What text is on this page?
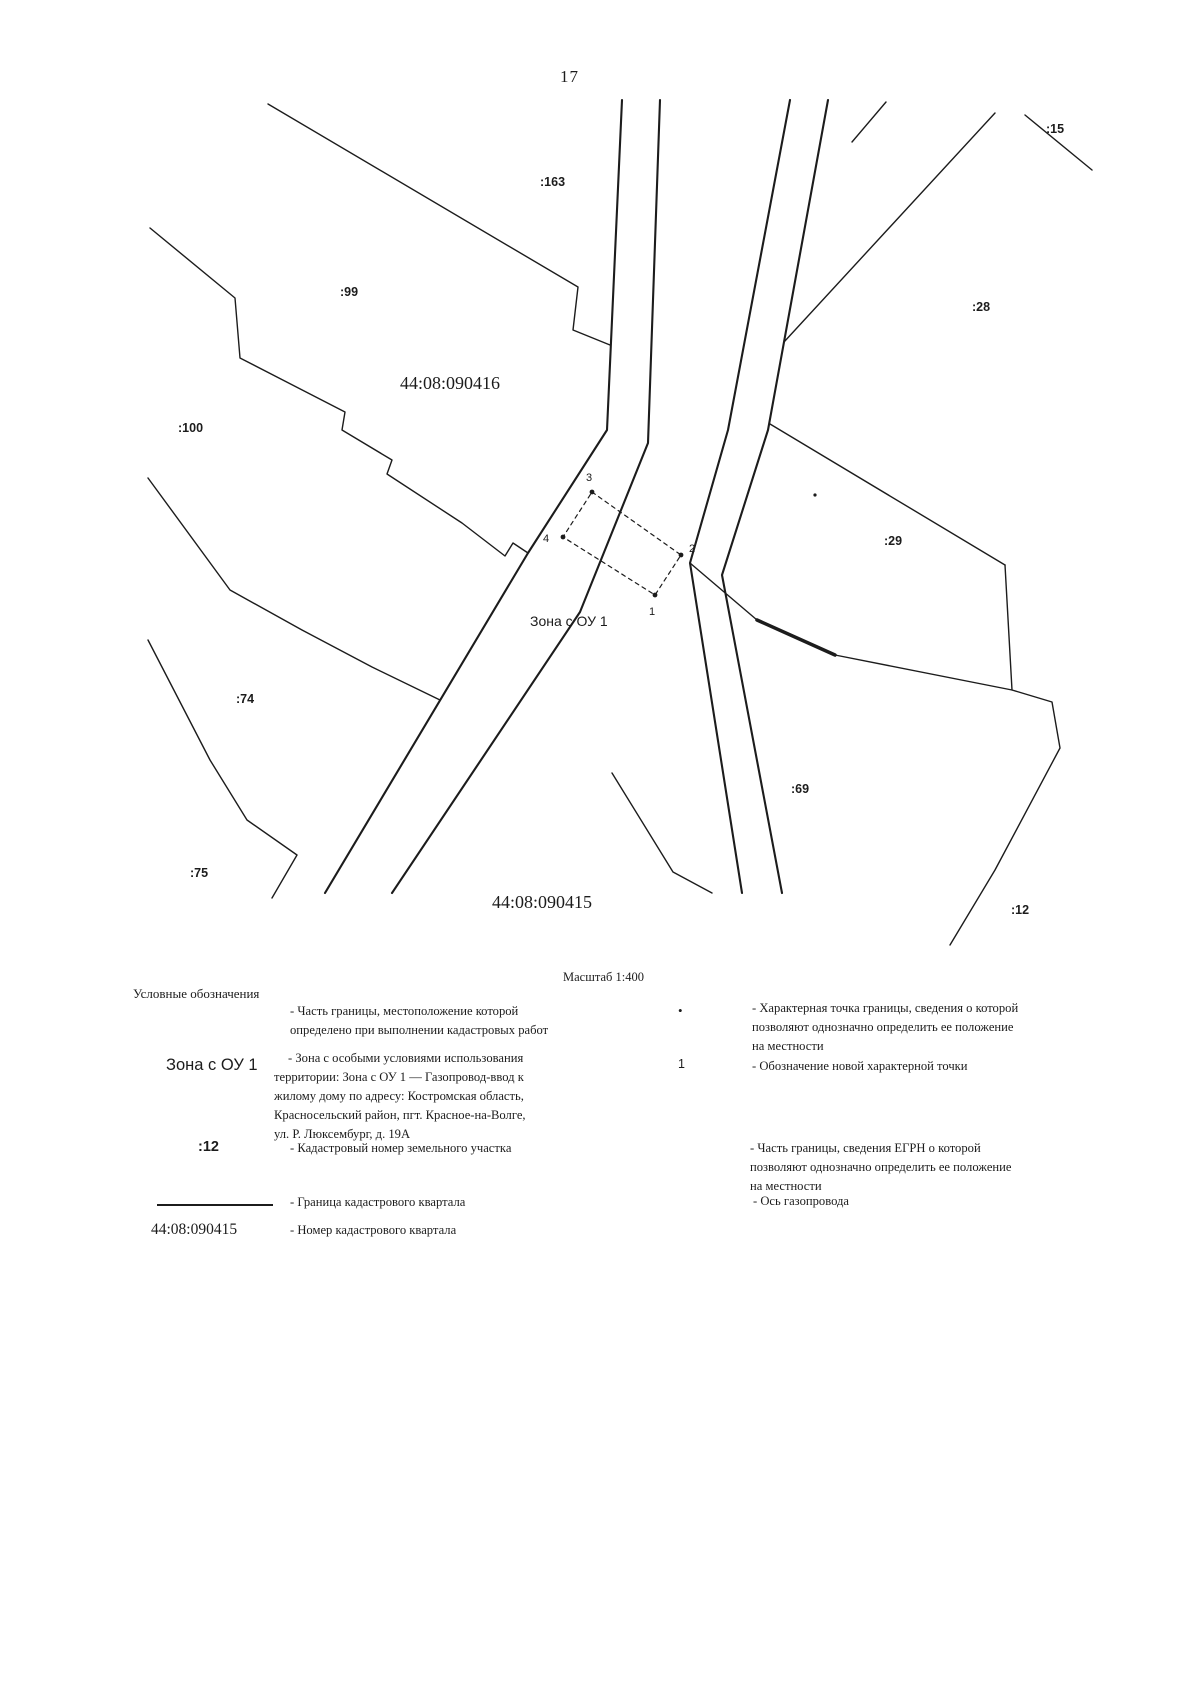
17
44:08:090416
44:08:090415
:163
:99
:100
:15
:28
:29
:74
:75
:69
:12
Зона с ОУ 1
3
4
2
1
Масштаб 1:400
Условные обозначения
- Часть границы, местоположение которой
определено при выполнении кадастровых работ
Зона с ОУ 1	- Зона с особыми условиями использования
территории: Зона с ОУ 1 — Газопровод-ввод к
жилому дому по адресу: Костромская область,
Красносельский район, пгт. Красное-на-Волге,
ул. Р. Люксембург, д. 19А
:12	- Кадастровый номер земельного участка
- Граница кадастрового квартала
44:08:090415	- Номер кадастрового квартала
•	- Характерная точка границы, сведения о которой
позволяют однозначно определить ее положение
на местности
1	- Обозначение новой характерной точки
- Часть границы, сведения ЕГРН о которой
позволяют однозначно определить ее положение
на местности
- Ось газопровода
